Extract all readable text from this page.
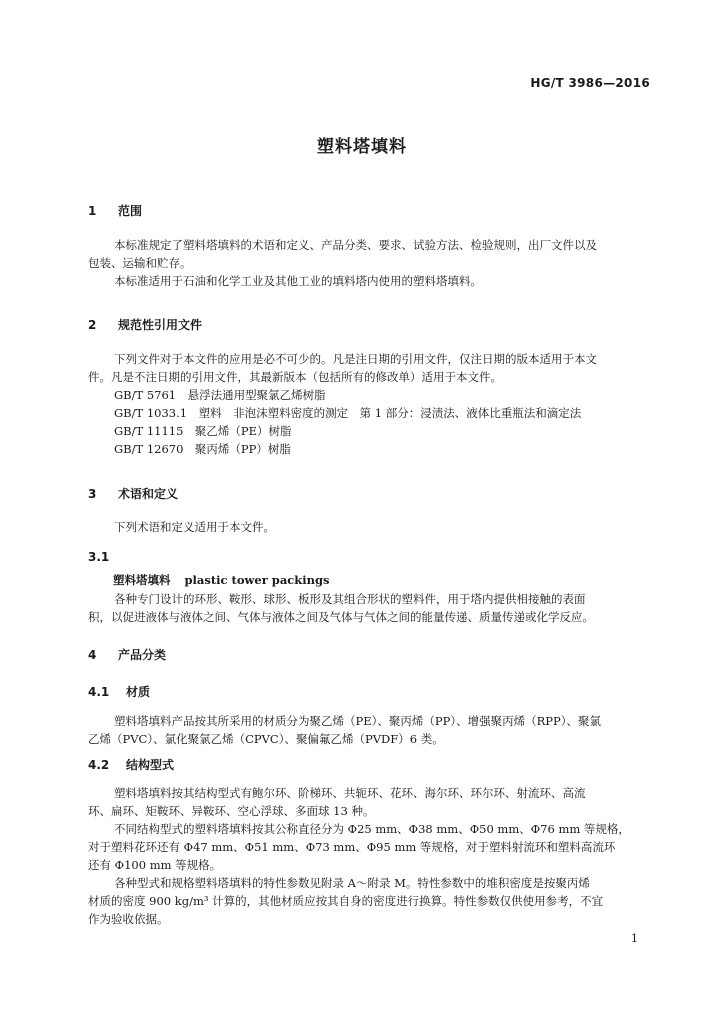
HG/T 3986—2016
塑料塔填料
1 范围
本标准规定了塑料塔填料的术语和定义、产品分类、要求、试验方法、检验规则，出厂文件以及
包装、运输和贮存。
本标准适用于石油和化学工业及其他工业的填料塔内使用的塑料塔填料。
2 规范性引用文件
下列文件对于本文件的应用是必不可少的。凡是注日期的引用文件，仅注日期的版本适用于本文
件。凡是不注日期的引用文件，其最新版本（包括所有的修改单）适用于本文件。
GB/T 5761　悬浮法通用型聚氯乙烯树脂
GB/T 1033.1　塑料　非泡沫塑料密度的测定　第 1 部分：浸渍法、液体比重瓶法和滴定法
GB/T 11115　聚乙烯（PE）树脂
GB/T 12670　聚丙烯（PP）树脂
3 术语和定义
下列术语和定义适用于本文件。
3.1
塑料塔填料 plastic tower packings
各种专门设计的环形、鞍形、球形、板形及其组合形状的塑料件，用于塔内提供相接触的表面
积，以促进液体与液体之间、气体与液体之间及气体与气体之间的能量传递、质量传递或化学反应。
4 产品分类
4.1 材质
塑料塔填料产品按其所采用的材质分为聚乙烯（PE）、聚丙烯（PP）、增强聚丙烯（RPP）、聚氯
乙烯（PVC）、氯化聚氯乙烯（CPVC）、聚偏氟乙烯（PVDF）6 类。
4.2 结构型式
塑料塔填料按其结构型式有鲍尔环、阶梯环、共轭环、花环、海尔环、环尔环、射流环、高流
环、扁环、矩鞍环、异鞍环、空心浮球、多面球 13 种。
不同结构型式的塑料塔填料按其公称直径分为 Φ25 mm、Φ38 mm、Φ50 mm、Φ76 mm 等规格，
对于塑料花环还有 Φ47 mm、Φ51 mm、Φ73 mm、Φ95 mm 等规格，对于塑料射流环和塑料高流环
还有 Φ100 mm 等规格。
各种型式和规格塑料塔填料的特性参数见附录 A～附录 M。特性参数中的堆积密度是按聚丙烯
材质的密度 900 kg/m³ 计算的，其他材质应按其自身的密度进行换算。特性参数仅供使用参考，不宜
作为验收依据。
1
